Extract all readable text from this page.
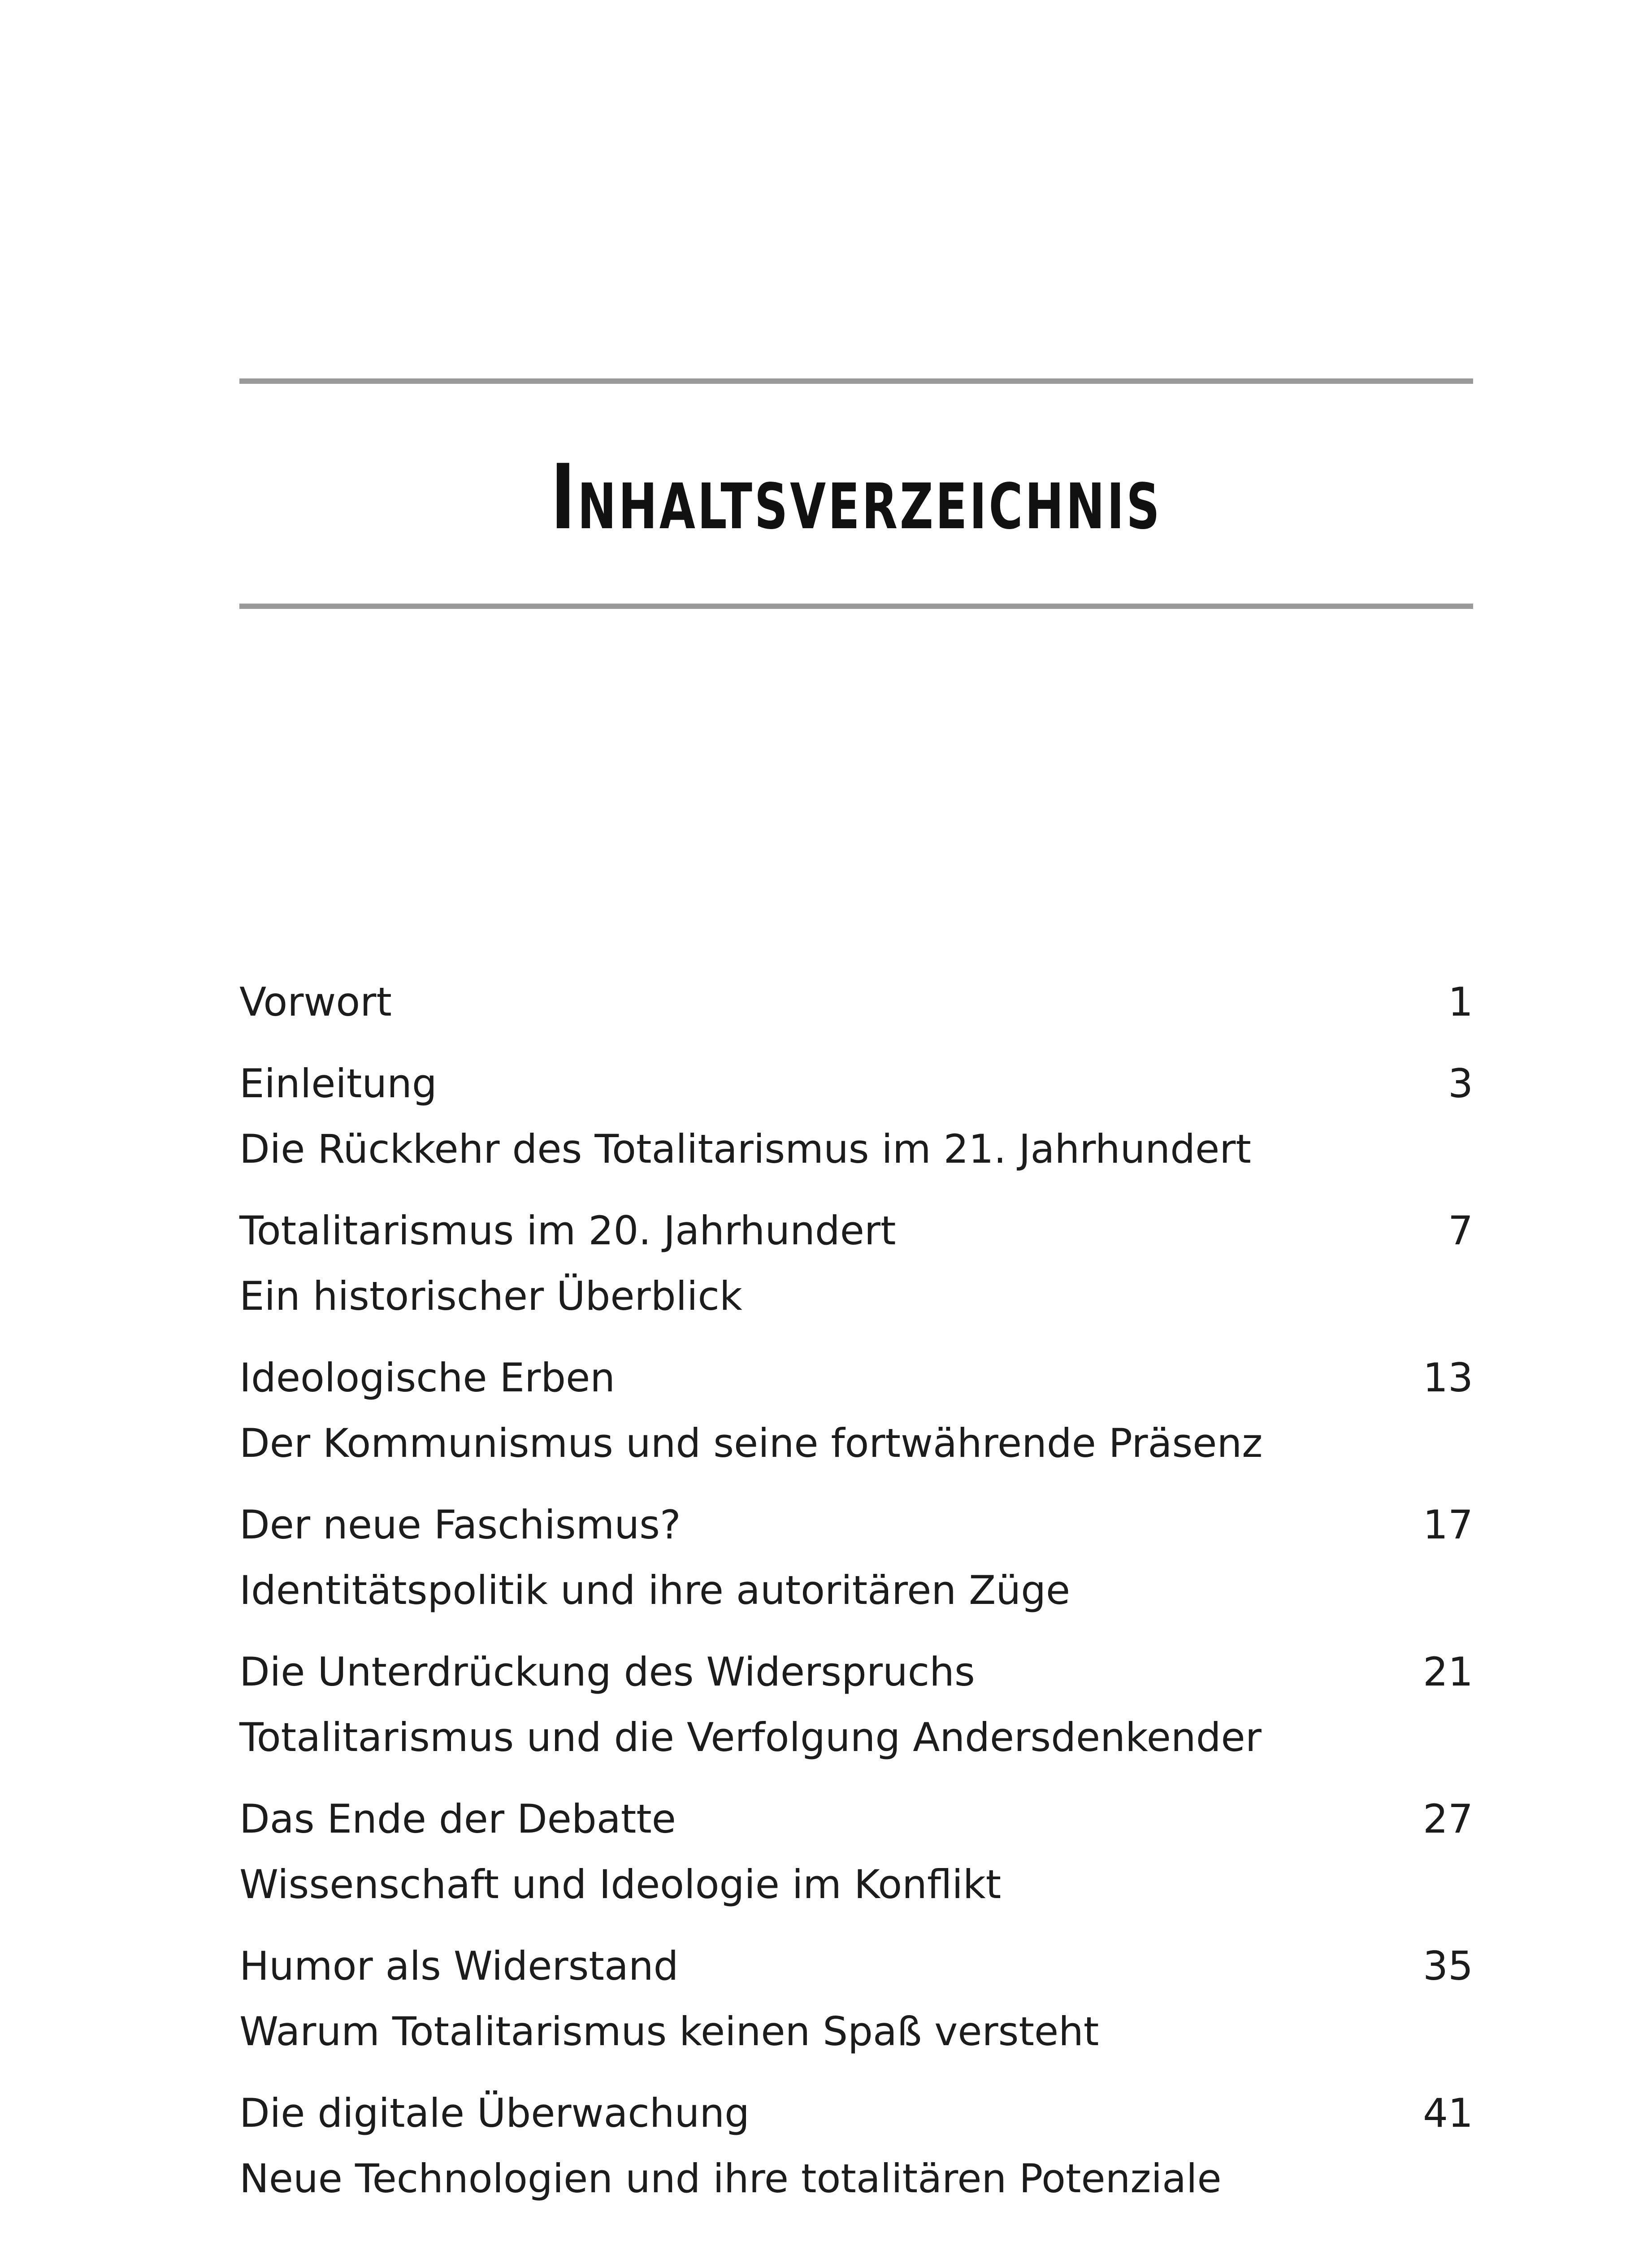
Inhaltsverzeichnis
Vorwort	1
Einleitung
Die Rückkehr des Totalitarismus im 21. Jahrhundert
3
Totalitarismus im 20. Jahrhundert
Ein historischer Überblick
7
Ideologische Erben
Der Kommunismus und seine fortwährende Präsenz
13
Der neue Faschismus?
Identitätspolitik und ihre autoritären Züge
17
Die Unterdrückung des Widerspruchs
Totalitarismus und die Verfolgung Andersdenkender
21
Das Ende der Debatte
Wissenschaft und Ideologie im Konflikt
27
Humor als Widerstand
Warum Totalitarismus keinen Spaß versteht
35
Die digitale Überwachung
Neue Technologien und ihre totalitären Potenziale
41
